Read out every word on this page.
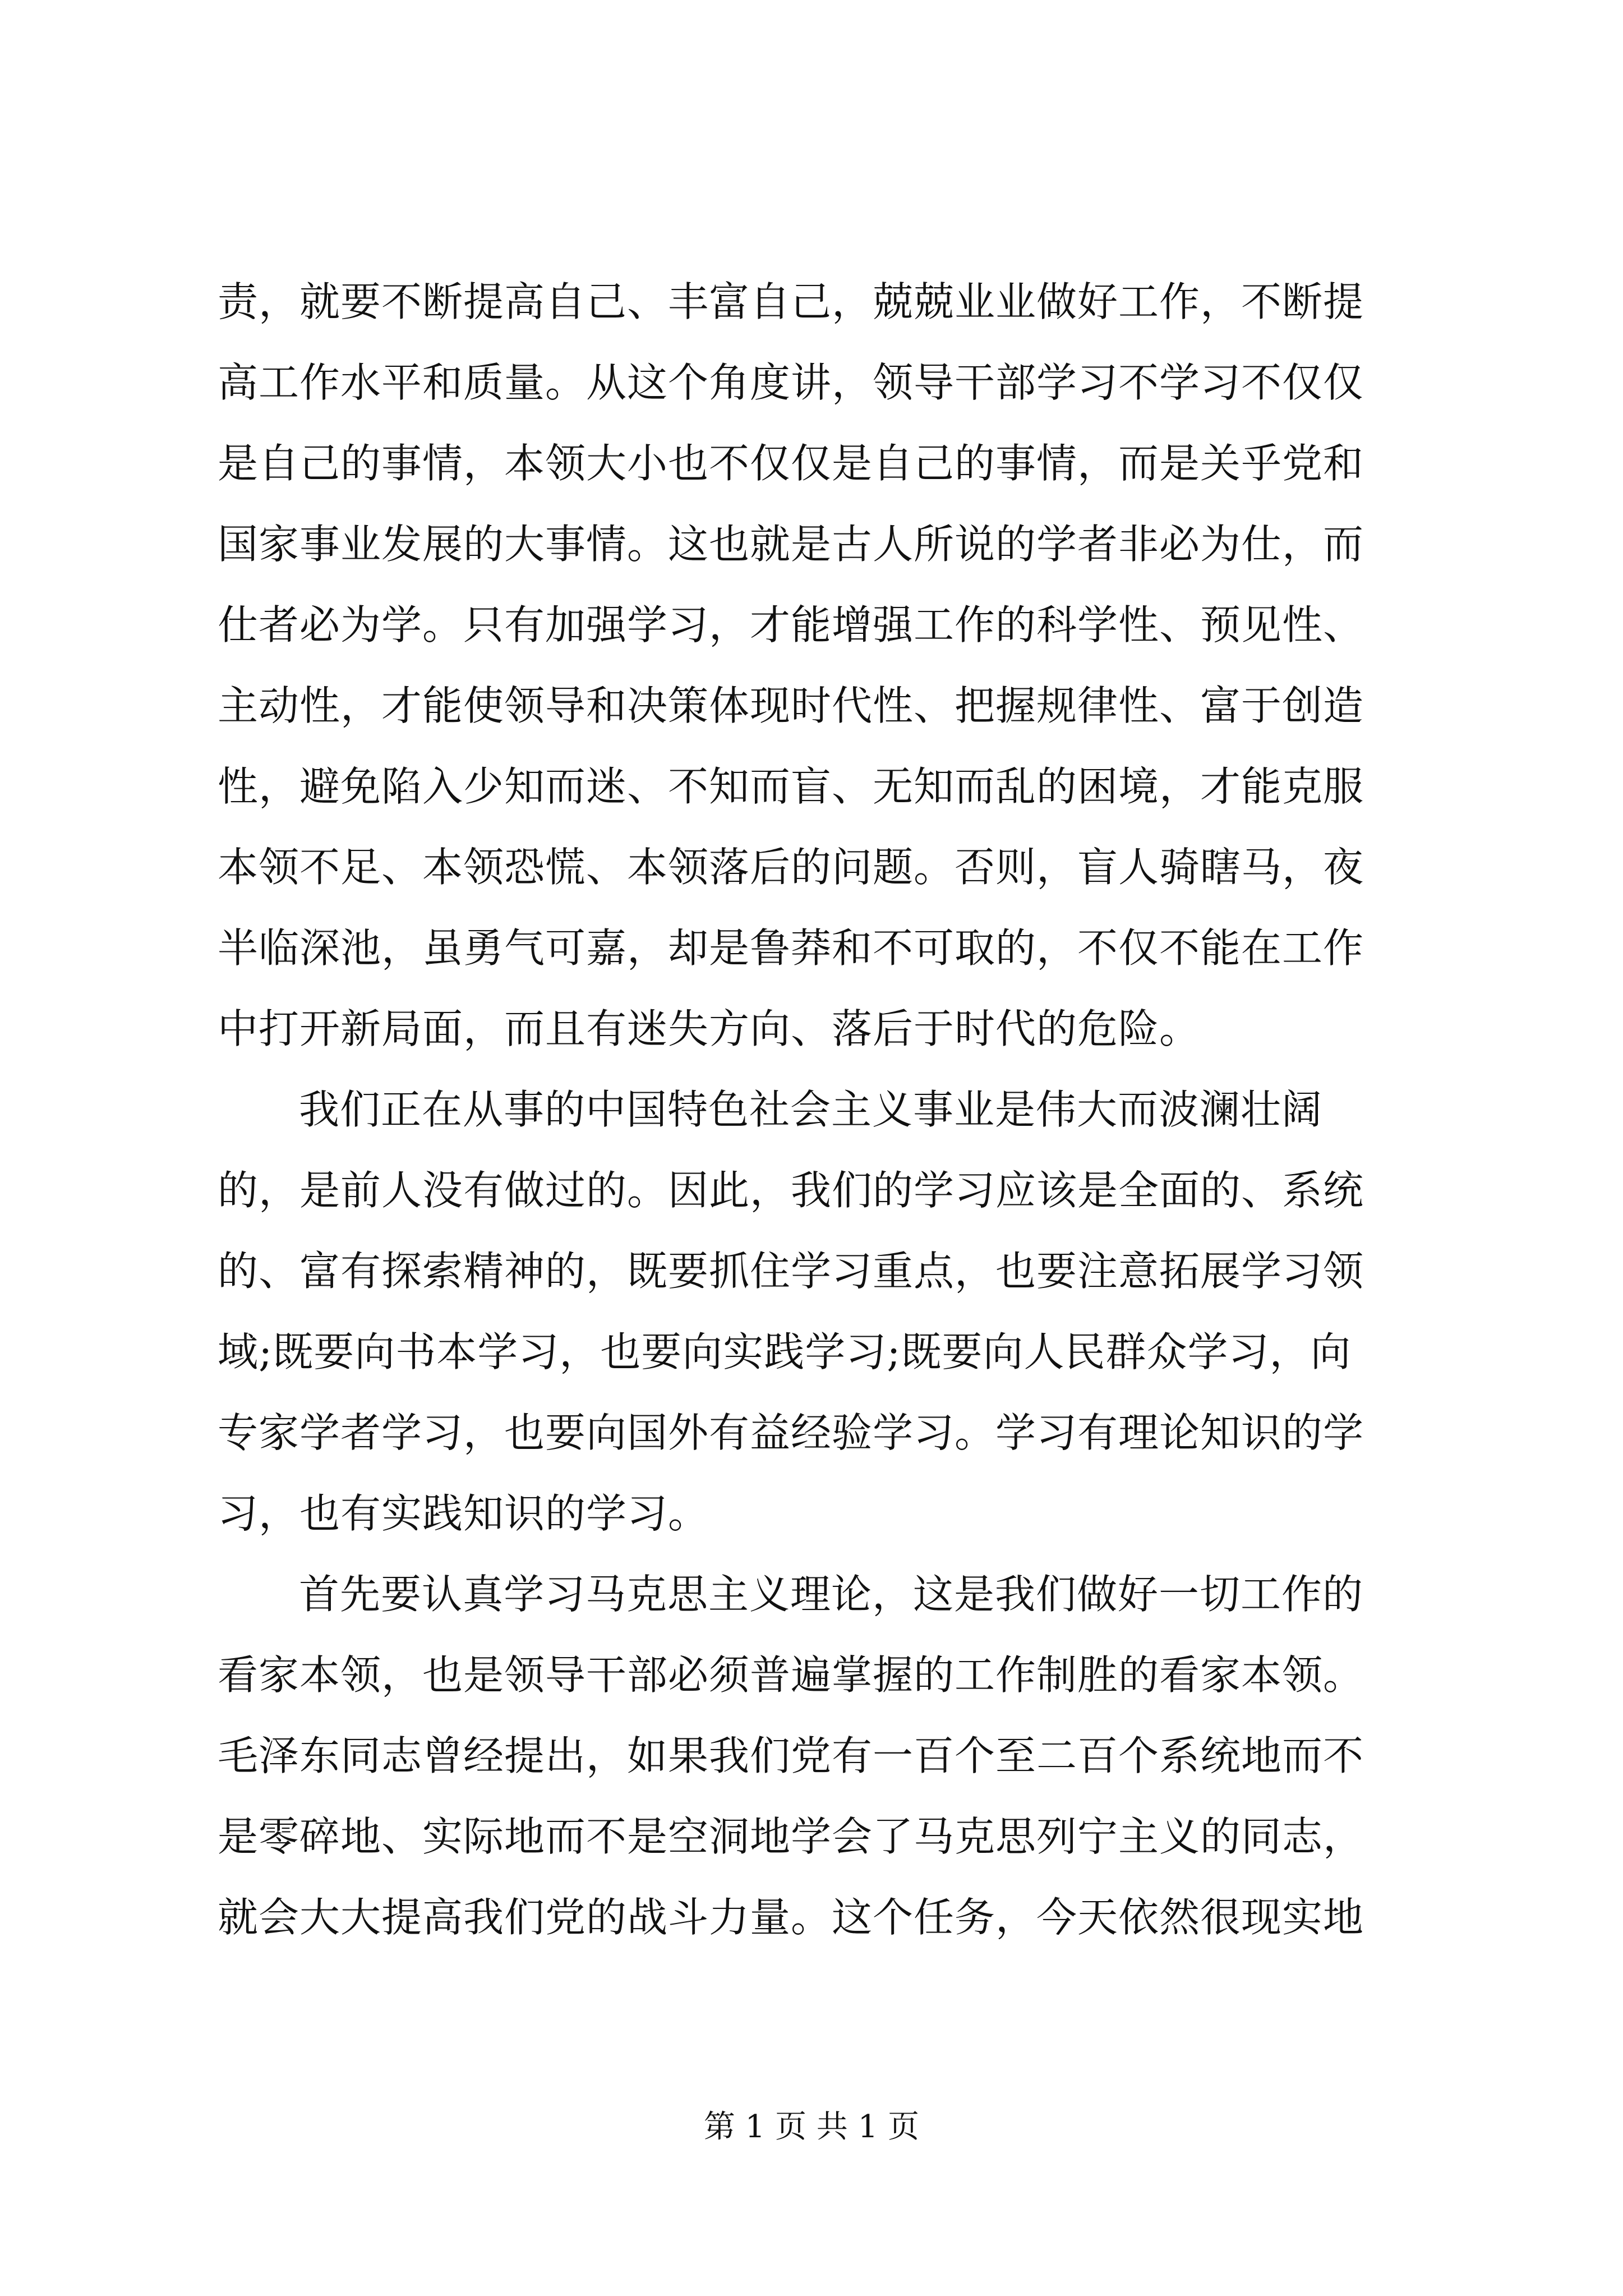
责，就要不断提高自己、丰富自己，兢兢业业做好工作，不断提
高工作水平和质量。从这个角度讲，领导干部学习不学习不仅仅
是自己的事情，本领大小也不仅仅是自己的事情，而是关乎党和
国家事业发展的大事情。这也就是古人所说的学者非必为仕，而
仕者必为学。只有加强学习，才能增强工作的科学性、预见性、
主动性，才能使领导和决策体现时代性、把握规律性、富于创造
性，避免陷入少知而迷、不知而盲、无知而乱的困境，才能克服
本领不足、本领恐慌、本领落后的问题。否则，盲人骑瞎马，夜
半临深池，虽勇气可嘉，却是鲁莽和不可取的，不仅不能在工作
中打开新局面，而且有迷失方向、落后于时代的危险。
我们正在从事的中国特色社会主义事业是伟大而波澜壮阔
的，是前人没有做过的。因此，我们的学习应该是全面的、系统
的、富有探索精神的，既要抓住学习重点，也要注意拓展学习领
域;既要向书本学习，也要向实践学习;既要向人民群众学习，向
专家学者学习，也要向国外有益经验学习。学习有理论知识的学
习，也有实践知识的学习。
首先要认真学习马克思主义理论，这是我们做好一切工作的
看家本领，也是领导干部必须普遍掌握的工作制胜的看家本领。
毛泽东同志曾经提出，如果我们党有一百个至二百个系统地而不
是零碎地、实际地而不是空洞地学会了马克思列宁主义的同志，
就会大大提高我们党的战斗力量。这个任务，今天依然很现实地
第 1 页 共 1 页
